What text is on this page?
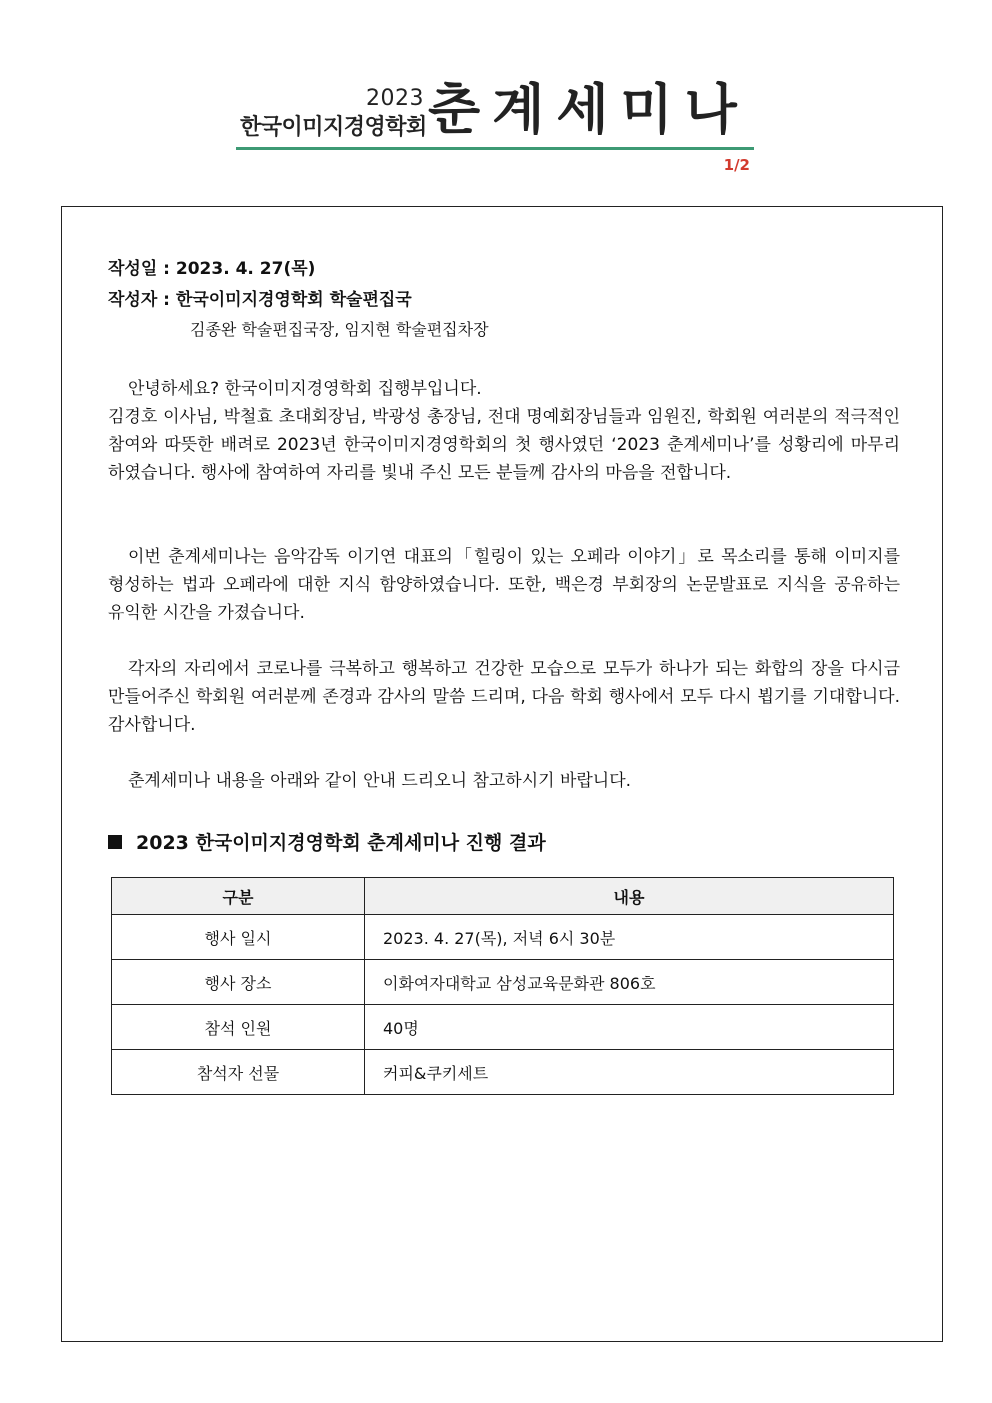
2023
한국이미지경영학회 춘계세미나
1/2
작성일 : 2023. 4. 27(목)
작성자 : 한국이미지경영학회 학술편집국
김종완 학술편집국장, 임지현 학술편집차장
안녕하세요? 한국이미지경영학회 집행부입니다.
김경호 이사님, 박철효 초대회장님, 박광성 총장님, 전대 명예회장님들과 임원진, 학회원 여러분의 적극적인 참여와 따뜻한 배려로 2023년 한국이미지경영학회의 첫 행사였던 ‘2023 춘계세미나’를 성황리에 마무리 하였습니다. 행사에 참여하여 자리를 빛내 주신 모든 분들께 감사의 마음을 전합니다.
이번 춘계세미나는 음악감독 이기연 대표의「힐링이 있는 오페라 이야기」로 목소리를 통해 이미지를 형성하는 법과 오페라에 대한 지식 함양하였습니다. 또한, 백은경 부회장의 논문발표로 지식을 공유하는 유익한 시간을 가졌습니다.
각자의 자리에서 코로나를 극복하고 행복하고 건강한 모습으로 모두가 하나가 되는 화합의 장을 다시금 만들어주신 학회원 여러분께 존경과 감사의 말씀 드리며, 다음 학회 행사에서 모두 다시 뵙기를 기대합니다. 감사합니다.
춘계세미나 내용을 아래와 같이 안내 드리오니 참고하시기 바랍니다.
2023 한국이미지경영학회 춘계세미나 진행 결과
구분	내용
행사 일시	2023. 4. 27(목), 저녁 6시 30분
행사 장소	이화여자대학교 삼성교육문화관 806호
참석 인원	40명
참석자 선물	커피&쿠키세트
